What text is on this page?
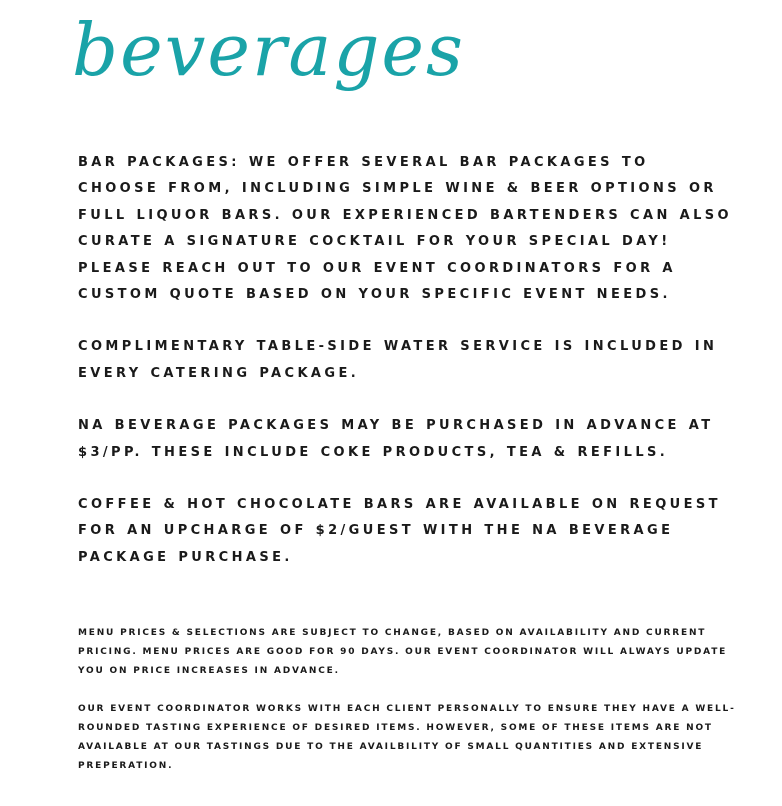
beverages

BAR PACKAGES: WE OFFER SEVERAL BAR PACKAGES TO CHOOSE FROM, INCLUDING SIMPLE WINE & BEER OPTIONS OR FULL LIQUOR BARS. OUR EXPERIENCED BARTENDERS CAN ALSO CURATE A SIGNATURE COCKTAIL FOR YOUR SPECIAL DAY! PLEASE REACH OUT TO OUR EVENT COORDINATORS FOR A CUSTOM QUOTE BASED ON YOUR SPECIFIC EVENT NEEDS.

COMPLIMENTARY TABLE-SIDE WATER SERVICE IS INCLUDED IN EVERY CATERING PACKAGE.

NA BEVERAGE PACKAGES MAY BE PURCHASED IN ADVANCE AT $3/PP. THESE INCLUDE COKE PRODUCTS, TEA & REFILLS.

COFFEE & HOT CHOCOLATE BARS ARE AVAILABLE ON REQUEST FOR AN UPCHARGE OF $2/GUEST WITH THE NA BEVERAGE PACKAGE PURCHASE.

MENU PRICES & SELECTIONS ARE SUBJECT TO CHANGE, BASED ON AVAILABILITY AND CURRENT PRICING. MENU PRICES ARE GOOD FOR 90 DAYS. OUR EVENT COORDINATOR WILL ALWAYS UPDATE YOU ON PRICE INCREASES IN ADVANCE.

OUR EVENT COORDINATOR WORKS WITH EACH CLIENT PERSONALLY TO ENSURE THEY HAVE A WELL-ROUNDED TASTING EXPERIENCE OF DESIRED ITEMS. HOWEVER, SOME OF THESE ITEMS ARE NOT AVAILABLE AT OUR TASTINGS DUE TO THE AVAILBILITY OF SMALL QUANTITIES AND EXTENSIVE PREPERATION.
